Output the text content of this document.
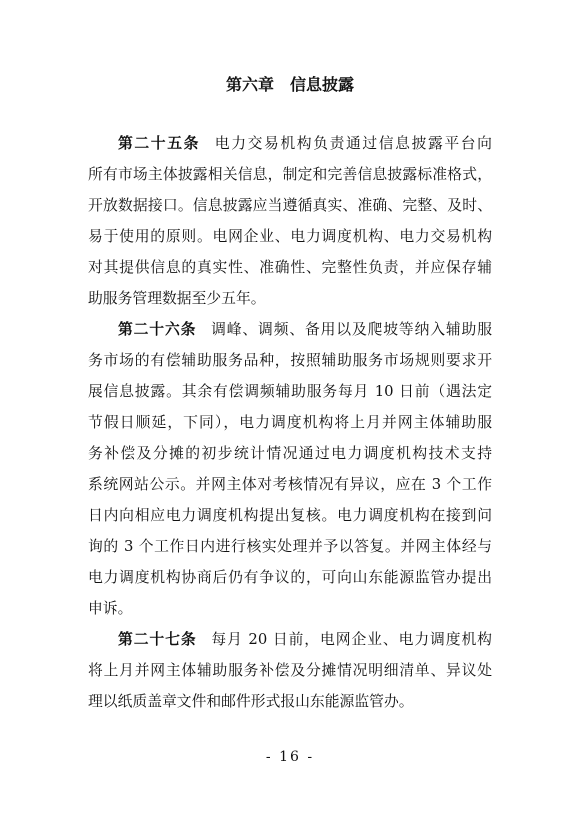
第六章　信息披露
第二十五条 电力交易机构负责通过信息披露平台向
所有市场主体披露相关信息，制定和完善信息披露标准格式，
开放数据接口。信息披露应当遵循真实、准确、完整、及时、
易于使用的原则。电网企业、电力调度机构、电力交易机构
对其提供信息的真实性、准确性、完整性负责，并应保存辅
助服务管理数据至少五年。
第二十六条 调峰、调频、备用以及爬坡等纳入辅助服
务市场的有偿辅助服务品种，按照辅助服务市场规则要求开
展信息披露。其余有偿调频辅助服务每月 10 日前（遇法定
节假日顺延，下同），电力调度机构将上月并网主体辅助服
务补偿及分摊的初步统计情况通过电力调度机构技术支持
系统网站公示。并网主体对考核情况有异议，应在 3 个工作
日内向相应电力调度机构提出复核。电力调度机构在接到问
询的 3 个工作日内进行核实处理并予以答复。并网主体经与
电力调度机构协商后仍有争议的，可向山东能源监管办提出
申诉。
第二十七条 每月 20 日前，电网企业、电力调度机构
将上月并网主体辅助服务补偿及分摊情况明细清单、异议处
理以纸质盖章文件和邮件形式报山东能源监管办。
- 16 -
